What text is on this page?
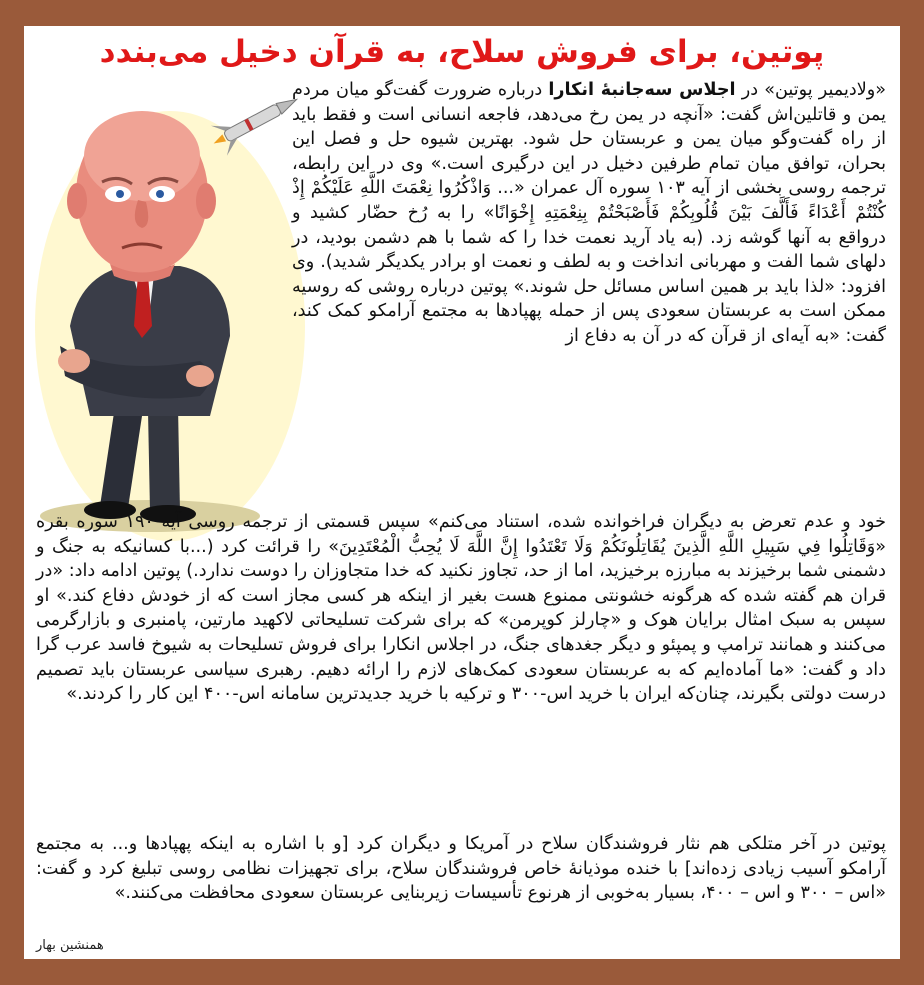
پوتین، برای فروش سلاح، به قرآن دخیل می‌بندد

«ولادیمیر پوتین» در اجلاس سه‌جانبۀ انکارا درباره ضرورت گفت‌گو میان مردم یمن و قاتلین‌اش گفت: «آنچه در یمن رخ می‌دهد، فاجعه انسانی است و فقط باید از راه گفت‌وگو میان یمن و عربستان حل شود. بهترین شیوه حل و فصل این بحران، توافق میان تمام طرفین دخیل در این درگیری است.» وی در این رابطه، ترجمه روسی بخشی از آیه ۱۰۳ سوره آل عمران «... وَاذْكُرُوا نِعْمَتَ اللَّهِ عَلَيْكُمْ إِذْ كُنْتُمْ أَعْدَاءً فَأَلَّفَ بَيْنَ قُلُوبِكُمْ فَأَصْبَحْتُمْ بِنِعْمَتِهِ إِخْوَانًا» را به رُخ حضّار کشید و درواقع به آنها گوشه زد. (به یاد آرید نعمت خدا را که شما با هم دشمن بودید، در دلهای شما الفت و مهربانی انداخت و به لطف و نعمت او برادر یکدیگر شدید). وی افزود: «لذا باید بر همین اساس مسائل حل شوند.» پوتین درباره روشی که روسیه ممکن است به عربستان سعودی پس از حمله پهپادها به مجتمع آرامکو کمک کند، گفت: «به آیه‌ای از قرآن که در آن به دفاع از

خود و عدم تعرض به دیگران فراخوانده شده، استناد می‌کنم» سپس قسمتی از ترجمه روسی آیه ۱۹۰ سوره بقره «وَقَاتِلُوا فِي سَبِيلِ اللَّهِ الَّذِينَ يُقَاتِلُونَكُمْ وَلَا تَعْتَدُوا إِنَّ اللَّهَ لَا يُحِبُّ الْمُعْتَدِينَ» را قرائت کرد (...با کسانیکه به جنگ و دشمنی شما برخیزند به مبارزه برخیزید، اما از حد، تجاوز نکنید که خدا متجاوزان را دوست ندارد.) پوتین ادامه داد: «در قران هم گفته شده که هرگونه خشونتی ممنوع هست بغیر از اینکه هر کسی مجاز است که از خودش دفاع کند.» او سپس به سبک امثال برایان هوک و «چارلز کوپرمن» که برای شرکت تسلیحاتی لاکهید مارتین، پامنبری و بازارگرمی می‌کنند و همانند ترامپ و پمپئو و دیگر جغدهای جنگ، در اجلاس انکارا برای فروش تسلیحات به شیوخ فاسد عرب گرا داد و گفت: «ما آماده‌ایم که به عربستان سعودی کمک‌های لازم را ارائه دهیم. رهبری سیاسی عربستان باید تصمیم درست دولتی بگیرند، چنان‌که ایران با خرید اس-۳۰۰ و ترکیه با خرید جدیدترین سامانه اس-۴۰۰ این کار را کردند.»

پوتین در آخر متلکی هم نثار فروشندگان سلاح در آمریکا و دیگران کرد [و با اشاره به اینکه پهپادها و... به مجتمع آرامکو آسیب زیادی زده‌اند] با خنده موذیانۀ خاص فروشندگان سلاح، برای تجهیزات نظامی روسی تبلیغ کرد و گفت: «اس – ۳۰۰ و اس – ۴۰۰، بسیار به‌خوبی از هرنوع تأسیسات زیربنایی عربستان سعودی محافظت می‌کنند.»

همنشین بهار
